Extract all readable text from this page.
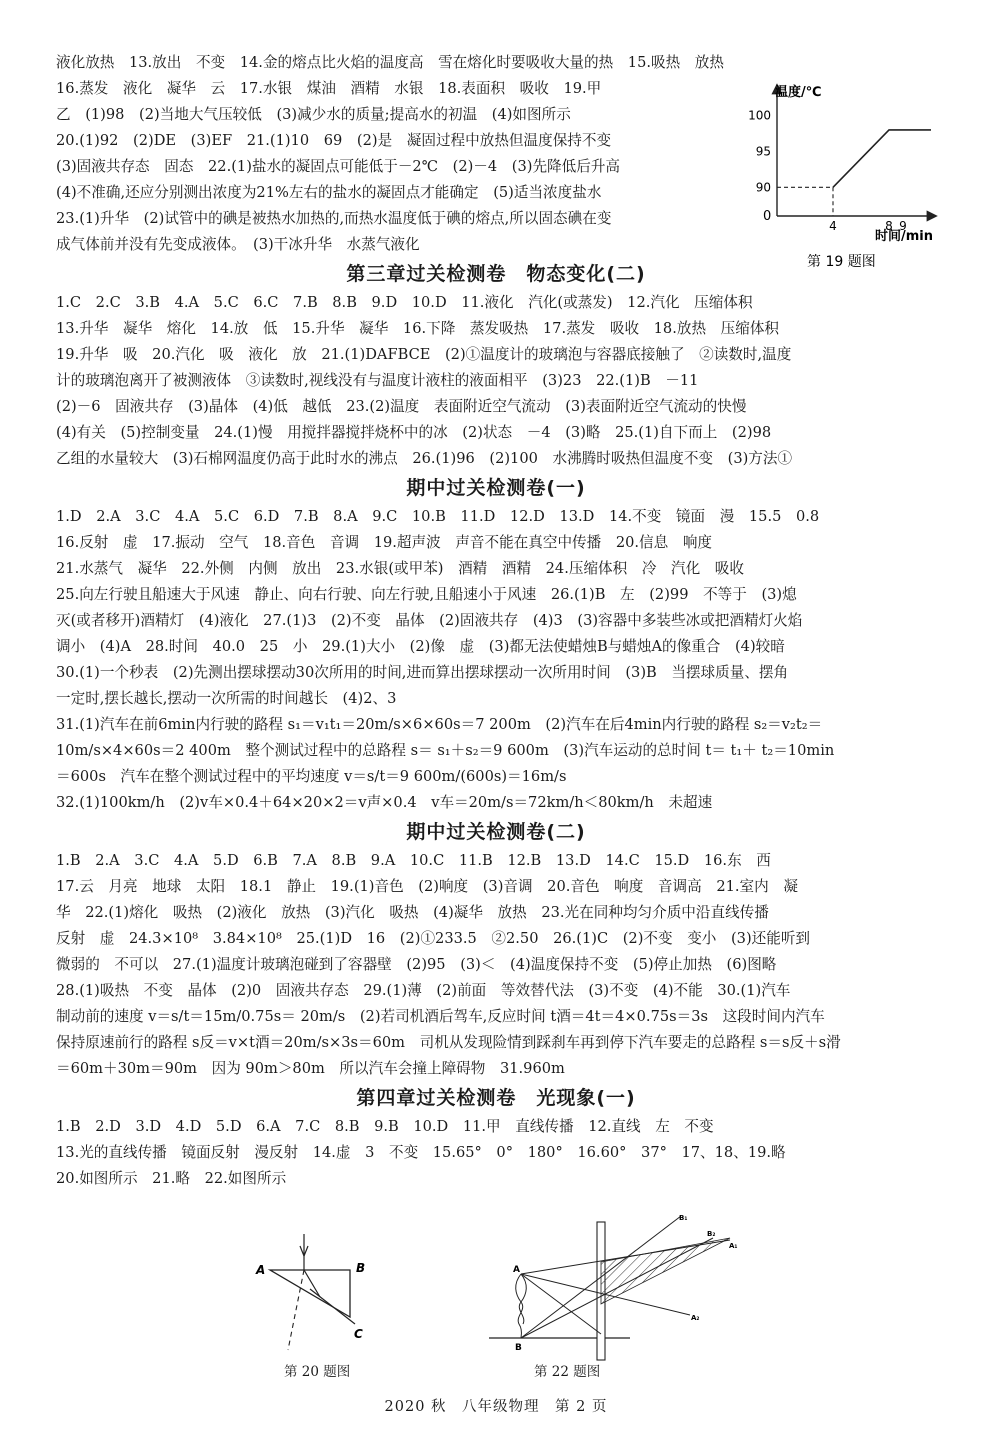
液化放热　13.放出　不变　14.金的熔点比火焰的温度高　雪在熔化时要吸收大量的热　15.吸热　放热
16.蒸发　液化　凝华　云　17.水银　煤油　酒精　水银　18.表面积　吸收　19.甲
乙　(1)98　(2)当地大气压较低　(3)减少水的质量;提高水的初温　(4)如图所示
20.(1)92　(2)DE　(3)EF　21.(1)10　69　(2)是　凝固过程中放热但温度保持不变
(3)固液共存态　固态　22.(1)盐水的凝固点可能低于－2℃　(2)－4　(3)先降低后升高
(4)不准确,还应分别测出浓度为21%左右的盐水的凝固点才能确定　(5)适当浓度盐水
23.(1)升华　(2)试管中的碘是被热水加热的,而热水温度低于碘的熔点,所以固态碘在变
成气体前并没有先变成液体。　(3)干冰升华　水蒸气液化
第三章过关检测卷　物态变化(二)
1.C　2.C　3.B　4.A　5.C　6.C　7.B　8.B　9.D　10.D　11.液化　汽化(或蒸发)　12.汽化　压缩体积
13.升华　凝华　熔化　14.放　低　15.升华　凝华　16.下降　蒸发吸热　17.蒸发　吸收　18.放热　压缩体积
19.升华　吸　20.汽化　吸　液化　放　21.(1)DAFBCE　(2)①温度计的玻璃泡与容器底接触了　②读数时,温度
计的玻璃泡离开了被测液体　③读数时,视线没有与温度计液柱的液面相平　(3)23　22.(1)B　－11
(2)－6　固液共存　(3)晶体　(4)低　越低　23.(2)温度　表面附近空气流动　(3)表面附近空气流动的快慢
(4)有关　(5)控制变量　24.(1)慢　用搅拌器搅拌烧杯中的冰　(2)状态　－4　(3)略　25.(1)自下而上　(2)98
乙组的水量较大　(3)石棉网温度仍高于此时水的沸点　26.(1)96　(2)100　水沸腾时吸热但温度不变　(3)方法①
期中过关检测卷(一)
1.D　2.A　3.C　4.A　5.C　6.D　7.B　8.A　9.C　10.B　11.D　12.D　13.D　14.不变　镜面　漫　15.5　0.8
16.反射　虚　17.振动　空气　18.音色　音调　19.超声波　声音不能在真空中传播　20.信息　响度
21.水蒸气　凝华　22.外侧　内侧　放出　23.水银(或甲苯)　酒精　酒精　24.压缩体积　冷　汽化　吸收
25.向左行驶且船速大于风速　静止、向右行驶、向左行驶,且船速小于风速　26.(1)B　左　(2)99　不等于　(3)熄
灭(或者移开)酒精灯　(4)液化　27.(1)3　(2)不变　晶体　(2)固液共存　(4)3　(3)容器中多装些冰或把酒精灯火焰
调小　(4)A　28.时间　40.0　25　小　29.(1)大小　(2)像　虚　(3)都无法使蜡烛B与蜡烛A的像重合　(4)较暗
30.(1)一个秒表　(2)先测出摆球摆动30次所用的时间,进而算出摆球摆动一次所用时间　(3)B　当摆球质量、摆角
一定时,摆长越长,摆动一次所需的时间越长　(4)2、3
31.(1)汽车在前6min内行驶的路程 s₁＝v₁t₁＝20m/s×6×60s＝7 200m　(2)汽车在后4min内行驶的路程 s₂＝v₂t₂＝
10m/s×4×60s＝2 400m　整个测试过程中的总路程 s＝ s₁＋s₂＝9 600m　(3)汽车运动的总时间 t＝ t₁＋ t₂＝10min
＝600s　汽车在整个测试过程中的平均速度 v＝s/t＝9 600m/(600s)＝16m/s
32.(1)100km/h　(2)v车×0.4＋64×20×2＝v声×0.4　v车＝20m/s＝72km/h＜80km/h　未超速
期中过关检测卷(二)
1.B　2.A　3.C　4.A　5.D　6.B　7.A　8.B　9.A　10.C　11.B　12.B　13.D　14.C　15.D　16.东　西
17.云　月亮　地球　太阳　18.1　静止　19.(1)音色　(2)响度　(3)音调　20.音色　响度　音调高　21.室内　凝
华　22.(1)熔化　吸热　(2)液化　放热　(3)汽化　吸热　(4)凝华　放热　23.光在同种均匀介质中沿直线传播
反射　虚　24.3×10⁸　3.84×10⁸　25.(1)D　16　(2)①233.5　②2.50　26.(1)C　(2)不变　变小　(3)还能听到
微弱的　不可以　27.(1)温度计玻璃泡碰到了容器壁　(2)95　(3)＜　(4)温度保持不变　(5)停止加热　(6)图略
28.(1)吸热　不变　晶体　(2)0　固液共存态　29.(1)薄　(2)前面　等效替代法　(3)不变　(4)不能　30.(1)汽车
制动前的速度 v＝s/t＝15m/0.75s＝ 20m/s　(2)若司机酒后驾车,反应时间 t酒＝4t＝4×0.75s＝3s　这段时间内汽车
保持原速前行的路程 s反＝v×t酒＝20m/s×3s＝60m　司机从发现险情到踩刹车再到停下汽车要走的总路程 s＝s反＋s滑
＝60m＋30m＝90m　因为 90m＞80m　所以汽车会撞上障碍物　31.960m
第四章过关检测卷　光现象(一)
1.B　2.D　3.D　4.D　5.D　6.A　7.C　8.B　9.B　10.D　11.甲　直线传播　12.直线　左　不变
13.光的直线传播　镜面反射　漫反射　14.虚　3　不变　15.65°　0°　180°　16.60°　37°　17、18、19.略
20.如图所示　21.略　22.如图所示
温度/℃
时间/min
0
90
95
100
4	8 9
第 19 题图
A	B
C
第 20 题图
A
B
B₁
B₂
A₁
A₂
第 22 题图
2020 秋　八年级物理　第 2 页
